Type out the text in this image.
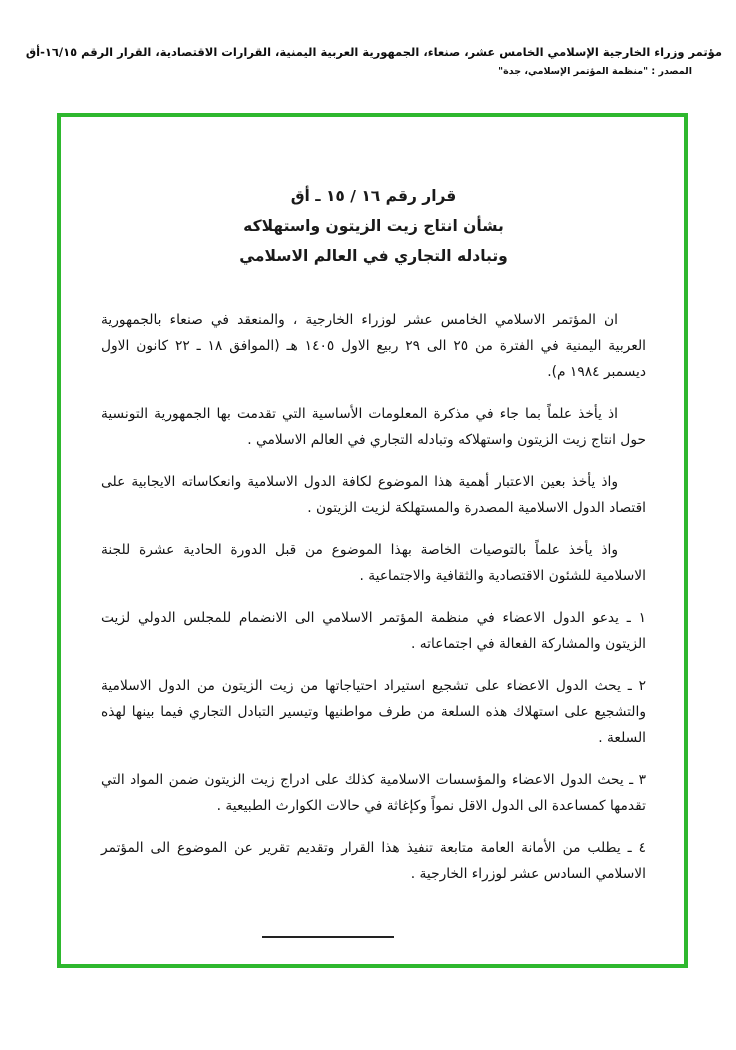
مؤتمر وزراء الخارجية الإسلامي الخامس عشر، صنعاء، الجمهورية العربية اليمنية، القرارات الاقتصادية، القرار الرقم ١٦/١٥-أق
المصدر : "منظمة المؤتمر الإسلامي، جدة"
قرار رقم ١٦ / ١٥ ـ أق
بشأن انتاج زيت الزيتون واستهلاكه
وتبادله التجاري في العالم الاسلامي

ان المؤتمر الاسلامي الخامس عشر لوزراء الخارجية ، والمنعقد في صنعاء بالجمهورية العربية اليمنية في الفترة من ٢٥ الى ٢٩ ربيع الاول ١٤٠٥ هـ (الموافق ١٨ ـ ٢٢ كانون الاول ديسمبر ١٩٨٤ م).

اذ يأخذ علماً بما جاء في مذكرة المعلومات الأساسية التي تقدمت بها الجمهورية التونسية حول انتاج زيت الزيتون واستهلاكه وتبادله التجاري في العالم الاسلامي .

واذ يأخذ بعين الاعتبار أهمية هذا الموضوع لكافة الدول الاسلامية وانعكاساته الايجابية على اقتصاد الدول الاسلامية المصدرة والمستهلكة لزيت الزيتون .

واذ يأخذ علماً بالتوصيات الخاصة بهذا الموضوع من قبل الدورة الحادية عشرة للجنة الاسلامية للشئون الاقتصادية والثقافية والاجتماعية .

١ ـ يدعو الدول الاعضاء في منظمة المؤتمر الاسلامي الى الانضمام للمجلس الدولي لزيت الزيتون والمشاركة الفعالة في اجتماعاته .

٢ ـ يحث الدول الاعضاء على تشجيع استيراد احتياجاتها من زيت الزيتون من الدول الاسلامية والتشجيع على استهلاك هذه السلعة من طرف مواطنيها وتيسير التبادل التجاري فيما بينها لهذه السلعة .

٣ ـ يحث الدول الاعضاء والمؤسسات الاسلامية كذلك على ادراج زيت الزيتون ضمن المواد التي تقدمها كمساعدة الى الدول الاقل نمواً وكإغاثة في حالات الكوارث الطبيعية .

٤ ـ يطلب من الأمانة العامة متابعة تنفيذ هذا القرار وتقديم تقرير عن الموضوع الى المؤتمر الاسلامي السادس عشر لوزراء الخارجية .
